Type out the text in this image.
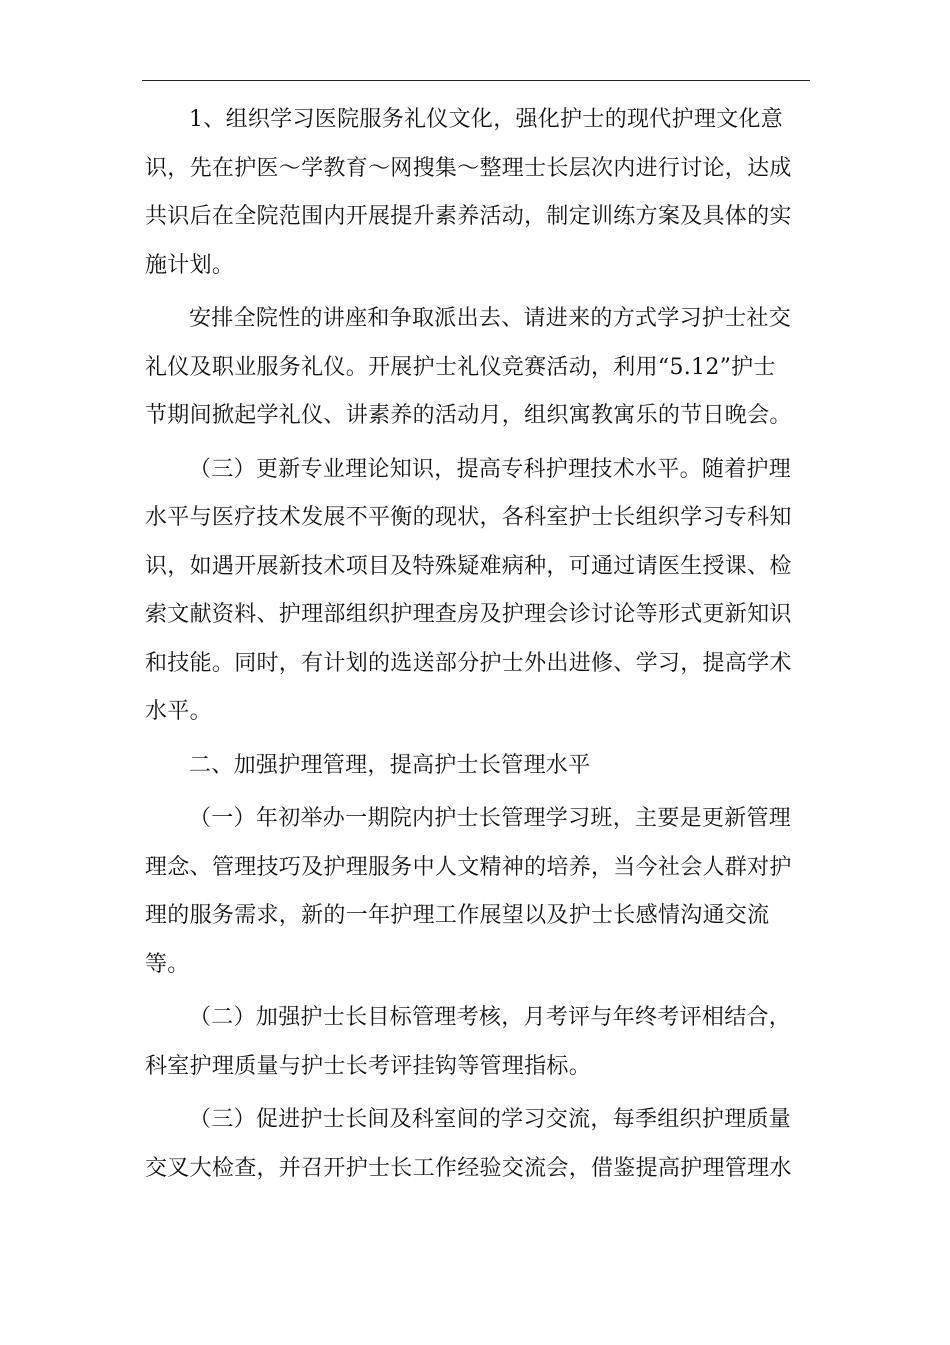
1、组织学习医院服务礼仪文化，强化护士的现代护理文化意
识，先在护医～学教育～网搜集～整理士长层次内进行讨论，达成
共识后在全院范围内开展提升素养活动，制定训练方案及具体的实
施计划。
安排全院性的讲座和争取派出去、请进来的方式学习护士社交
礼仪及职业服务礼仪。开展护士礼仪竞赛活动，利用“5.12”护士
节期间掀起学礼仪、讲素养的活动月，组织寓教寓乐的节日晚会。
（三）更新专业理论知识，提高专科护理技术水平。随着护理
水平与医疗技术发展不平衡的现状，各科室护士长组织学习专科知
识，如遇开展新技术项目及特殊疑难病种，可通过请医生授课、检
索文献资料、护理部组织护理查房及护理会诊讨论等形式更新知识
和技能。同时，有计划的选送部分护士外出进修、学习，提高学术
水平。
二、加强护理管理，提高护士长管理水平
（一）年初举办一期院内护士长管理学习班，主要是更新管理
理念、管理技巧及护理服务中人文精神的培养，当今社会人群对护
理的服务需求，新的一年护理工作展望以及护士长感情沟通交流
等。
（二）加强护士长目标管理考核，月考评与年终考评相结合，
科室护理质量与护士长考评挂钩等管理指标。
（三）促进护士长间及科室间的学习交流，每季组织护理质量
交叉大检查，并召开护士长工作经验交流会，借鉴提高护理管理水
